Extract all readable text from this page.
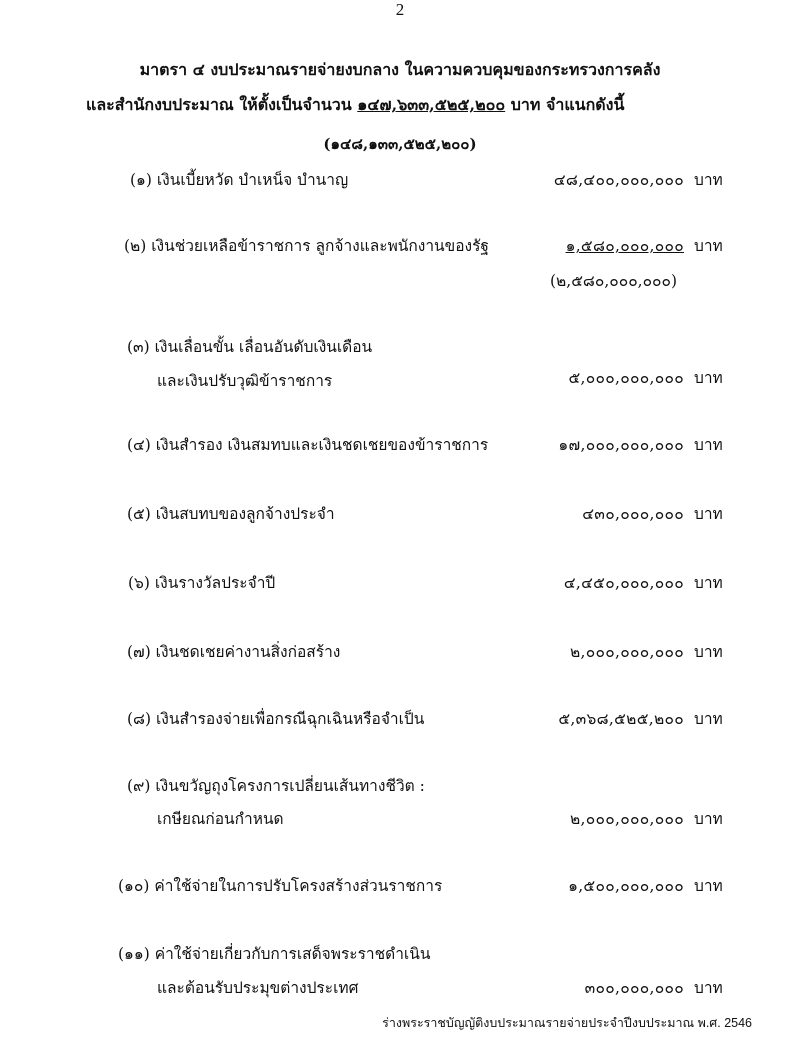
2
มาตรา ๔ งบประมาณรายจ่ายงบกลาง ในความควบคุมของกระทรวงการคลัง
และสำนักงบประมาณ ให้ตั้งเป็นจำนวน ๑๔๗,๖๓๓,๕๒๕,๒๐๐ บาท จำแนกดังนี้
(๑๔๘,๑๓๓,๕๒๕,๒๐๐)
(๑) เงินเบี้ยหวัด บำเหน็จ บำนาญ	๔๘,๔๐๐,๐๐๐,๐๐๐ บาท
(๒) เงินช่วยเหลือข้าราชการ ลูกจ้างและพนักงานของรัฐ	๑,๕๘๐,๐๐๐,๐๐๐ บาท
(๒,๕๘๐,๐๐๐,๐๐๐)
(๓) เงินเลื่อนขั้น เลื่อนอันดับเงินเดือน
และเงินปรับวุฒิข้าราชการ	๕,๐๐๐,๐๐๐,๐๐๐ บาท
(๔) เงินสำรอง เงินสมทบและเงินชดเชยของข้าราชการ	๑๗,๐๐๐,๐๐๐,๐๐๐ บาท
(๕) เงินสบทบของลูกจ้างประจำ	๔๓๐,๐๐๐,๐๐๐ บาท
(๖) เงินรางวัลประจำปี	๔,๔๕๐,๐๐๐,๐๐๐ บาท
(๗) เงินชดเชยค่างานสิ่งก่อสร้าง	๒,๐๐๐,๐๐๐,๐๐๐ บาท
(๘) เงินสำรองจ่ายเพื่อกรณีฉุกเฉินหรือจำเป็น	๕,๓๖๘,๕๒๕,๒๐๐ บาท
(๙) เงินขวัญถุงโครงการเปลี่ยนเส้นทางชีวิต :
เกษียณก่อนกำหนด	๒,๐๐๐,๐๐๐,๐๐๐ บาท
(๑๐) ค่าใช้จ่ายในการปรับโครงสร้างส่วนราชการ	๑,๕๐๐,๐๐๐,๐๐๐ บาท
(๑๑) ค่าใช้จ่ายเกี่ยวกับการเสด็จพระราชดำเนิน
และต้อนรับประมุขต่างประเทศ	๓๐๐,๐๐๐,๐๐๐ บาท
ร่างพระราชบัญญัติงบประมาณรายจ่ายประจำปีงบประมาณ พ.ศ. 2546
